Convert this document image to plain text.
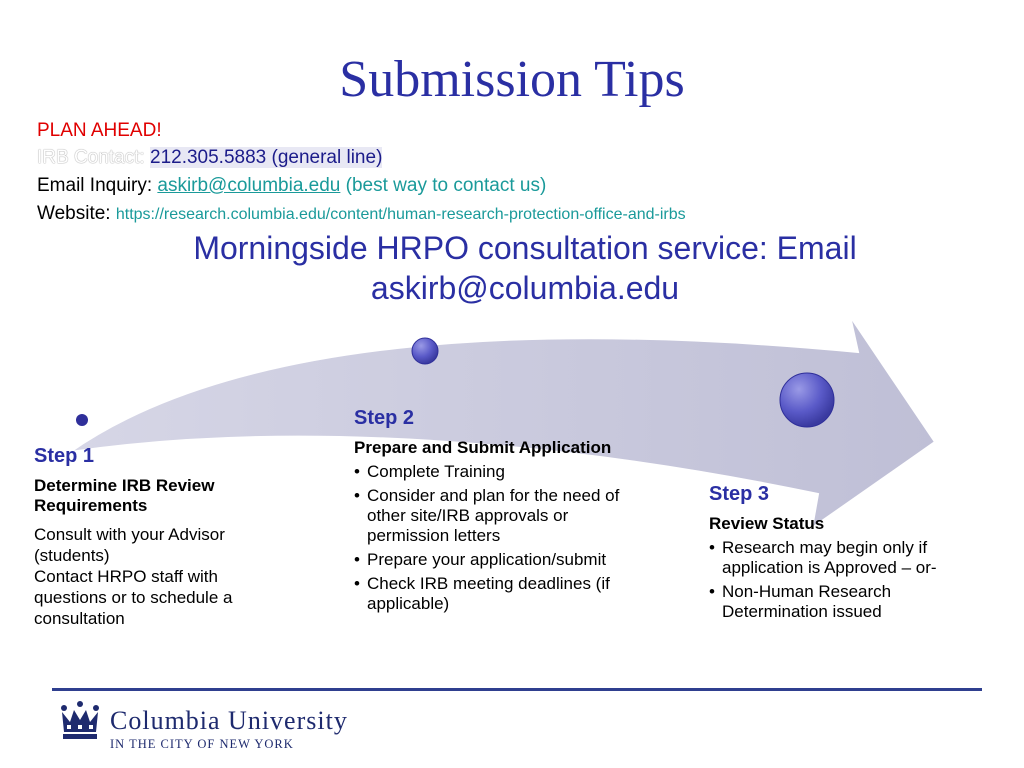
Submission Tips
PLAN AHEAD!
IRB Contact: 212.305.5883 (general line)
Email Inquiry: askirb@columbia.edu (best way to contact us)
Website: https://research.columbia.edu/content/human-research-protection-office-and-irbs
Morningside HRPO consultation service: Email
askirb@columbia.edu
Step 1
Determine IRB Review Requirements
Consult with your Advisor (students)
Contact HRPO staff with questions or to schedule a consultation
Step 2
Prepare and Submit Application
• Complete Training
• Consider and plan for the need of other site/IRB approvals or permission letters
• Prepare your application/submit
• Check IRB meeting deadlines (if applicable)
Step 3
Review Status
• Research may begin only if application is Approved – or-
• Non-Human Research Determination issued
Columbia University
IN THE CITY OF NEW YORK
